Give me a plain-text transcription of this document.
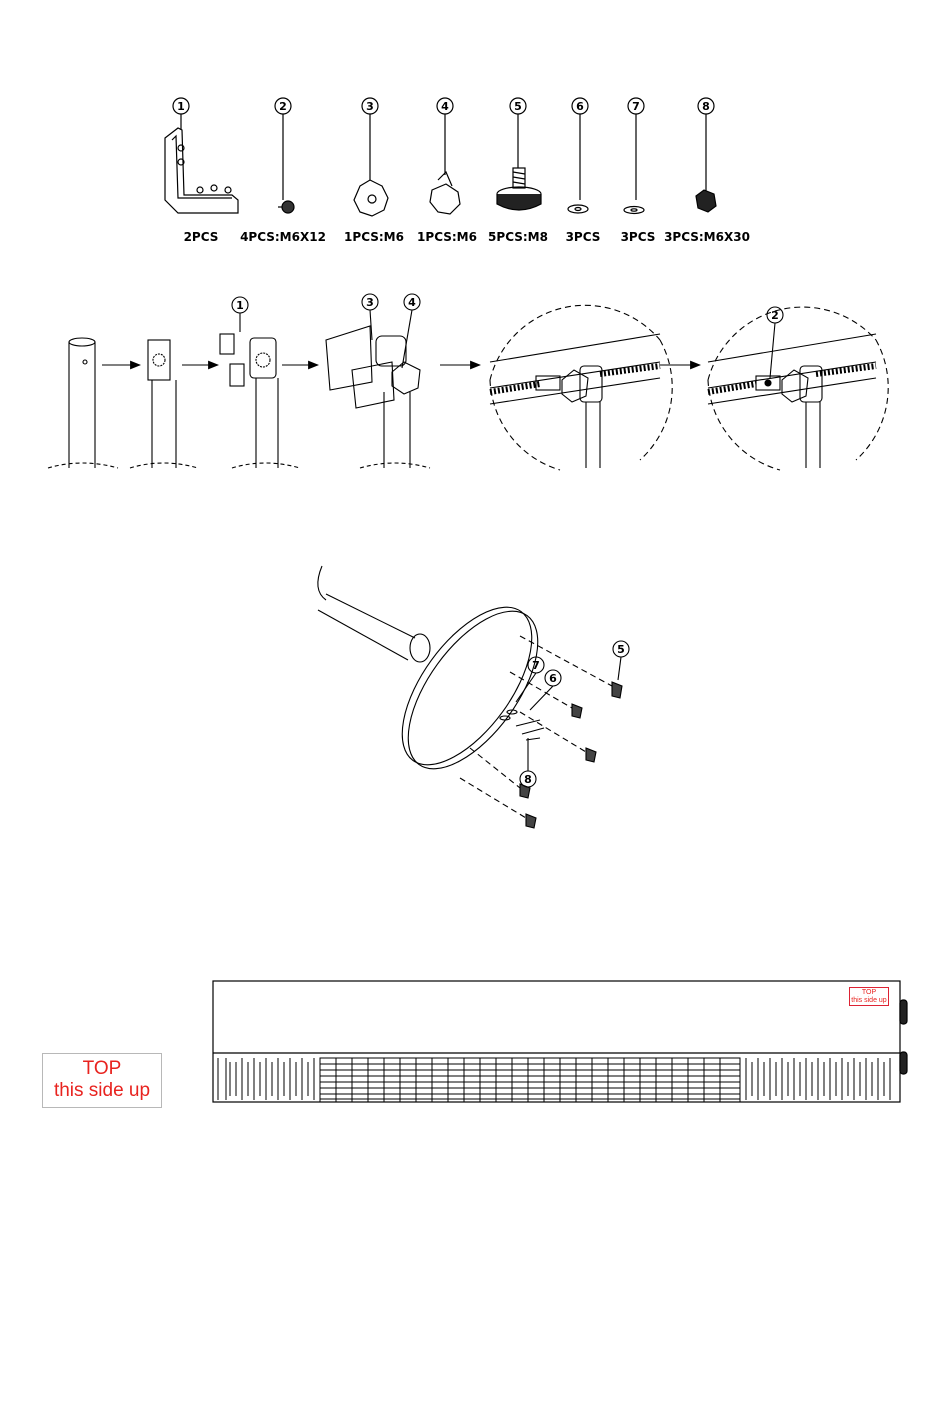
1	2	3	4	5	6	7	8
2PCS 4PCS:M6X12 1PCS:M6 1PCS:M6 5PCS:M8 3PCS 3PCS 3PCS:M6X30
1	3	4
2
5
7
6
8
TOP
this side up
TOP
this side up
